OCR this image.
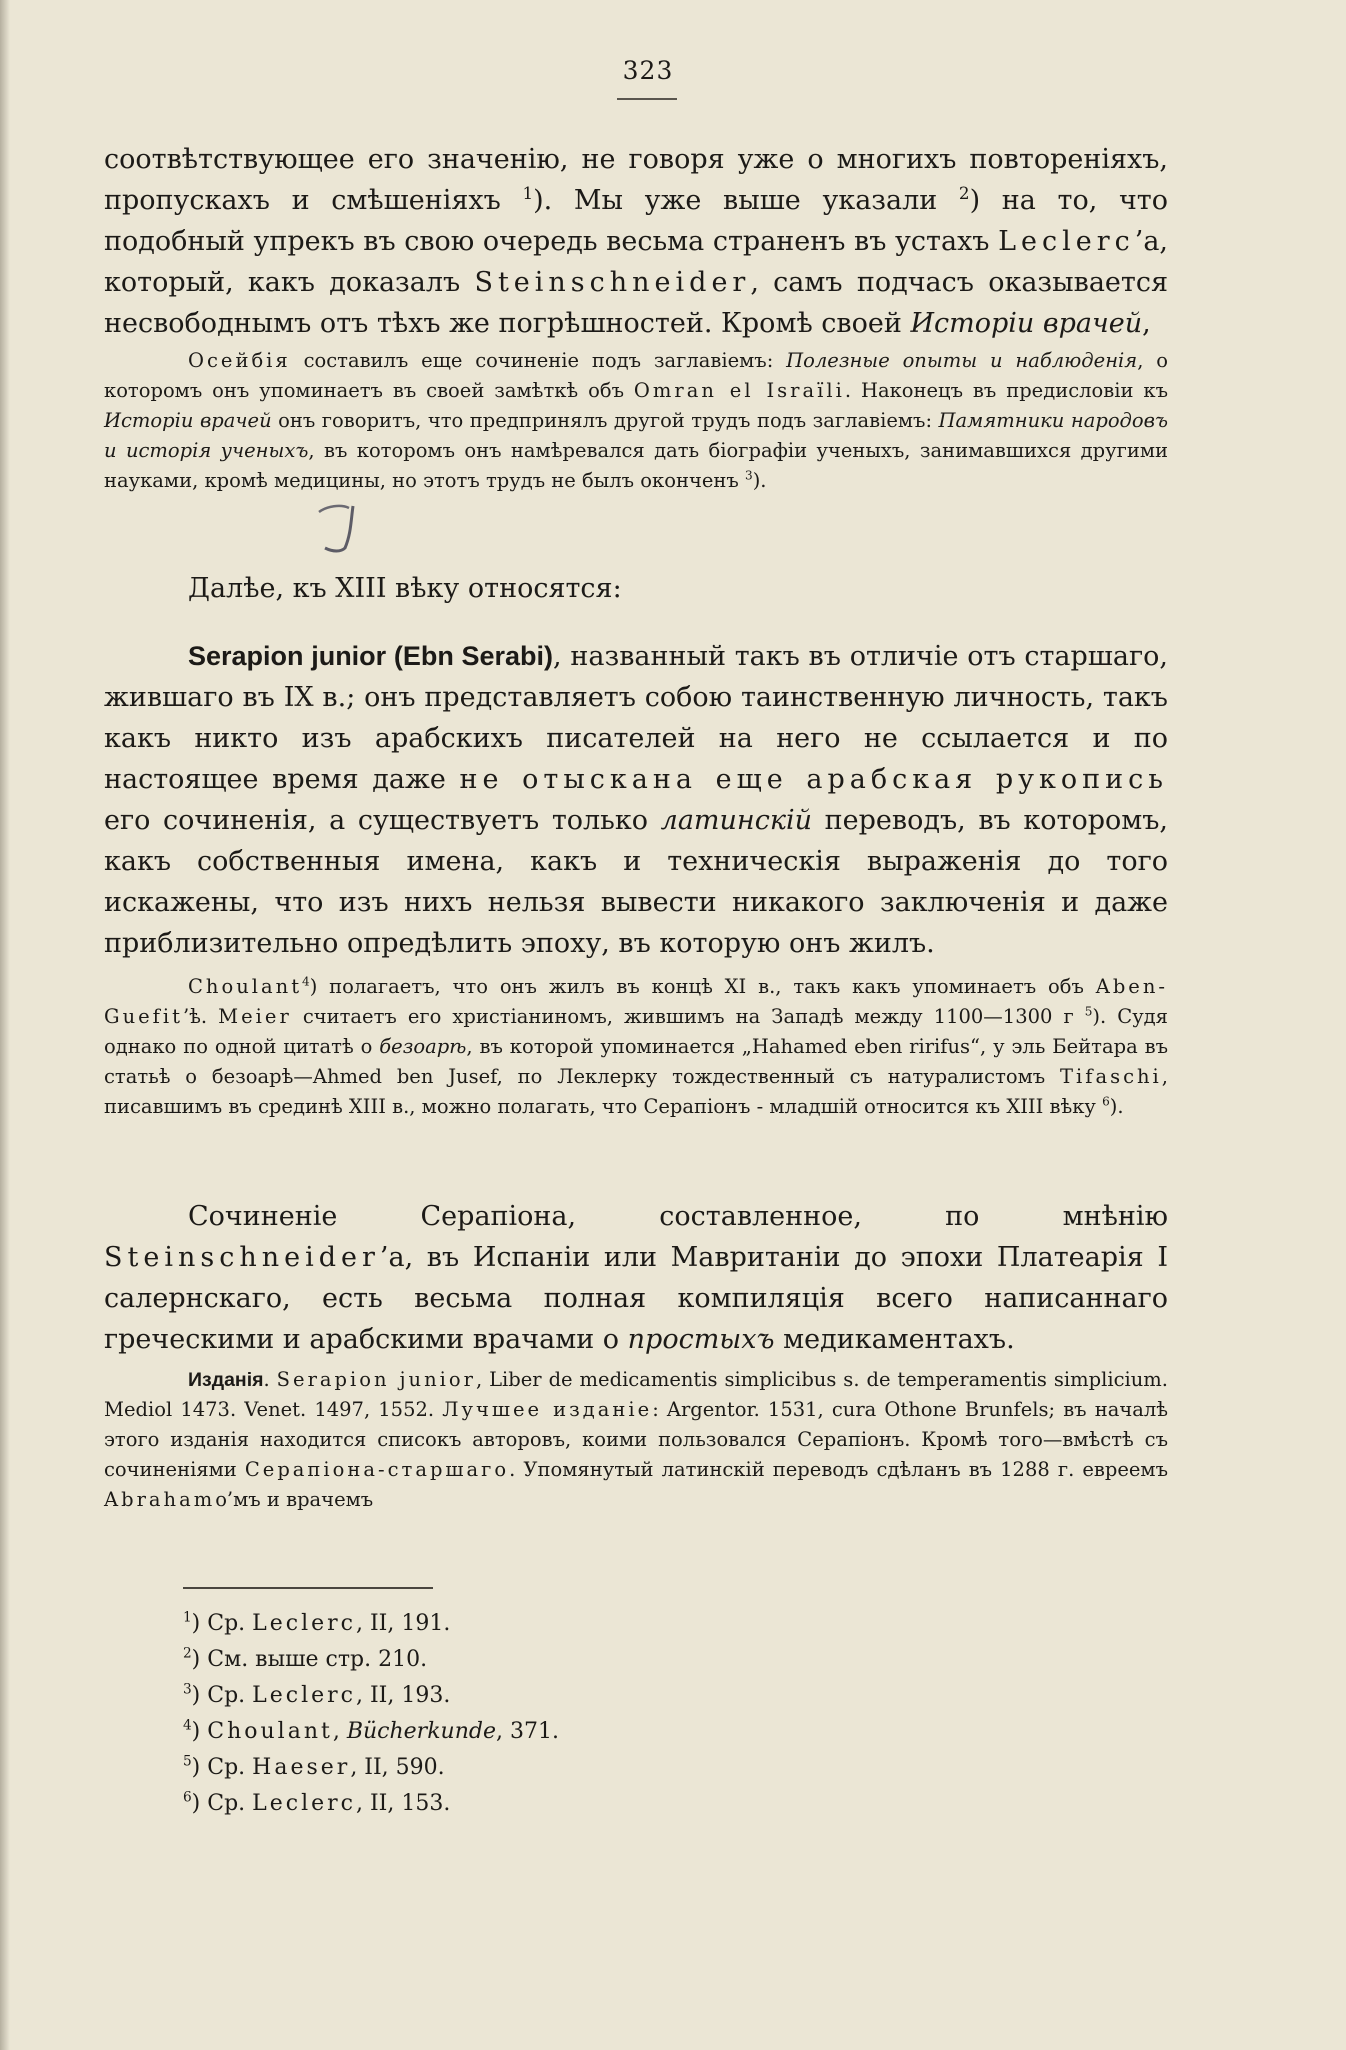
323
соотвѣтствующее его значенію, не говоря уже о многихъ повтореніяхъ, пропускахъ и смѣшеніяхъ $^1$). Мы уже выше указали $^2$) на то, что подобный упрекъ въ свою очередь весьма страненъ въ устахъ Leclerc’а, который, какъ доказалъ Steinschneider, самъ подчасъ оказывается несвободнымъ отъ тѣхъ же погрѣшностей. Кромѣ своей Исторіи врачей,
Осейбія составилъ еще сочиненіе подъ заглавіемъ: Полезные опыты и наблюденія, о которомъ онъ упоминаетъ въ своей замѣткѣ объ Omran el Israïli. Наконецъ въ предисловіи къ Исторіи врачей онъ говоритъ, что предпринялъ другой трудъ подъ заглавіемъ: Памятники народовъ и исторія ученыхъ, въ которомъ онъ намѣревался дать біографіи ученыхъ, занимавшихся другими науками, кромѣ медицины, но этотъ трудъ не былъ оконченъ $^3$).
Далѣе, къ XIII вѣку относятся:
Serapion junior (Ebn Serabi), названный такъ въ отличіе отъ старшаго, жившаго въ IX в.; онъ представляетъ собою таинственную личность, такъ какъ никто изъ арабскихъ писателей на него не ссылается и по настоящее время даже не отыскана еще арабская рукопись его сочиненія, а существуетъ только латинскій переводъ, въ которомъ, какъ собственныя имена, какъ и техническія выраженія до того искажены, что изъ нихъ нельзя вывести никакого заключенія и даже приблизительно опредѣлить эпоху, въ которую онъ жилъ.
Choulant$^4$) полагаетъ, что онъ жилъ въ концѣ XI в., такъ какъ упоминаетъ объ Aben-Guefit’ѣ. Meier считаетъ его христіаниномъ, жившимъ на Западѣ между 1100—1300 г $^5$). Судя однако по одной цитатѣ о безоарѣ, въ которой упоминается „Hahamed eben ririfus“, у эль Бейтара въ статьѣ о безоарѣ—Ahmed ben Jusef, по Леклерку тождественный съ натуралистомъ Tifaschi, писавшимъ въ срединѣ XIII в., можно полагать, что Серапіонъ - младшій относится къ XIII вѣку $^6$).
Сочиненіе Серапіона, составленное, по мнѣнію Steinschneider’а, въ Испаніи или Мавританіи до эпохи Платеарія I салернскаго, есть весьма полная компиляція всего написаннаго греческими и арабскими врачами о простыхъ медикаментахъ.
Изданія. Serapion junior, Liber de medicamentis simplicibus s. de temperamentis simplicium. Mediol 1473. Venet. 1497, 1552. Лучшее изданіе: Argentor. 1531, cura Othone Brunfels; въ началѣ этого изданія находится списокъ авторовъ, коими пользовался Серапіонъ. Кромѣ того—вмѣстѣ съ сочиненіями Серапіона-старшаго. Упомянутый латинскій переводъ сдѣланъ въ 1288 г. евреемъ Abrahamо’мъ и врачемъ
$^1$) Ср. Leclerc, II, 191.
$^2$) См. выше стр. 210.
$^3$) Ср. Leclerc, II, 193.
$^4$) Choulant, Bücherkunde, 371.
$^5$) Ср. Haeser, II, 590.
$^6$) Ср. Leclerc, II, 153.
